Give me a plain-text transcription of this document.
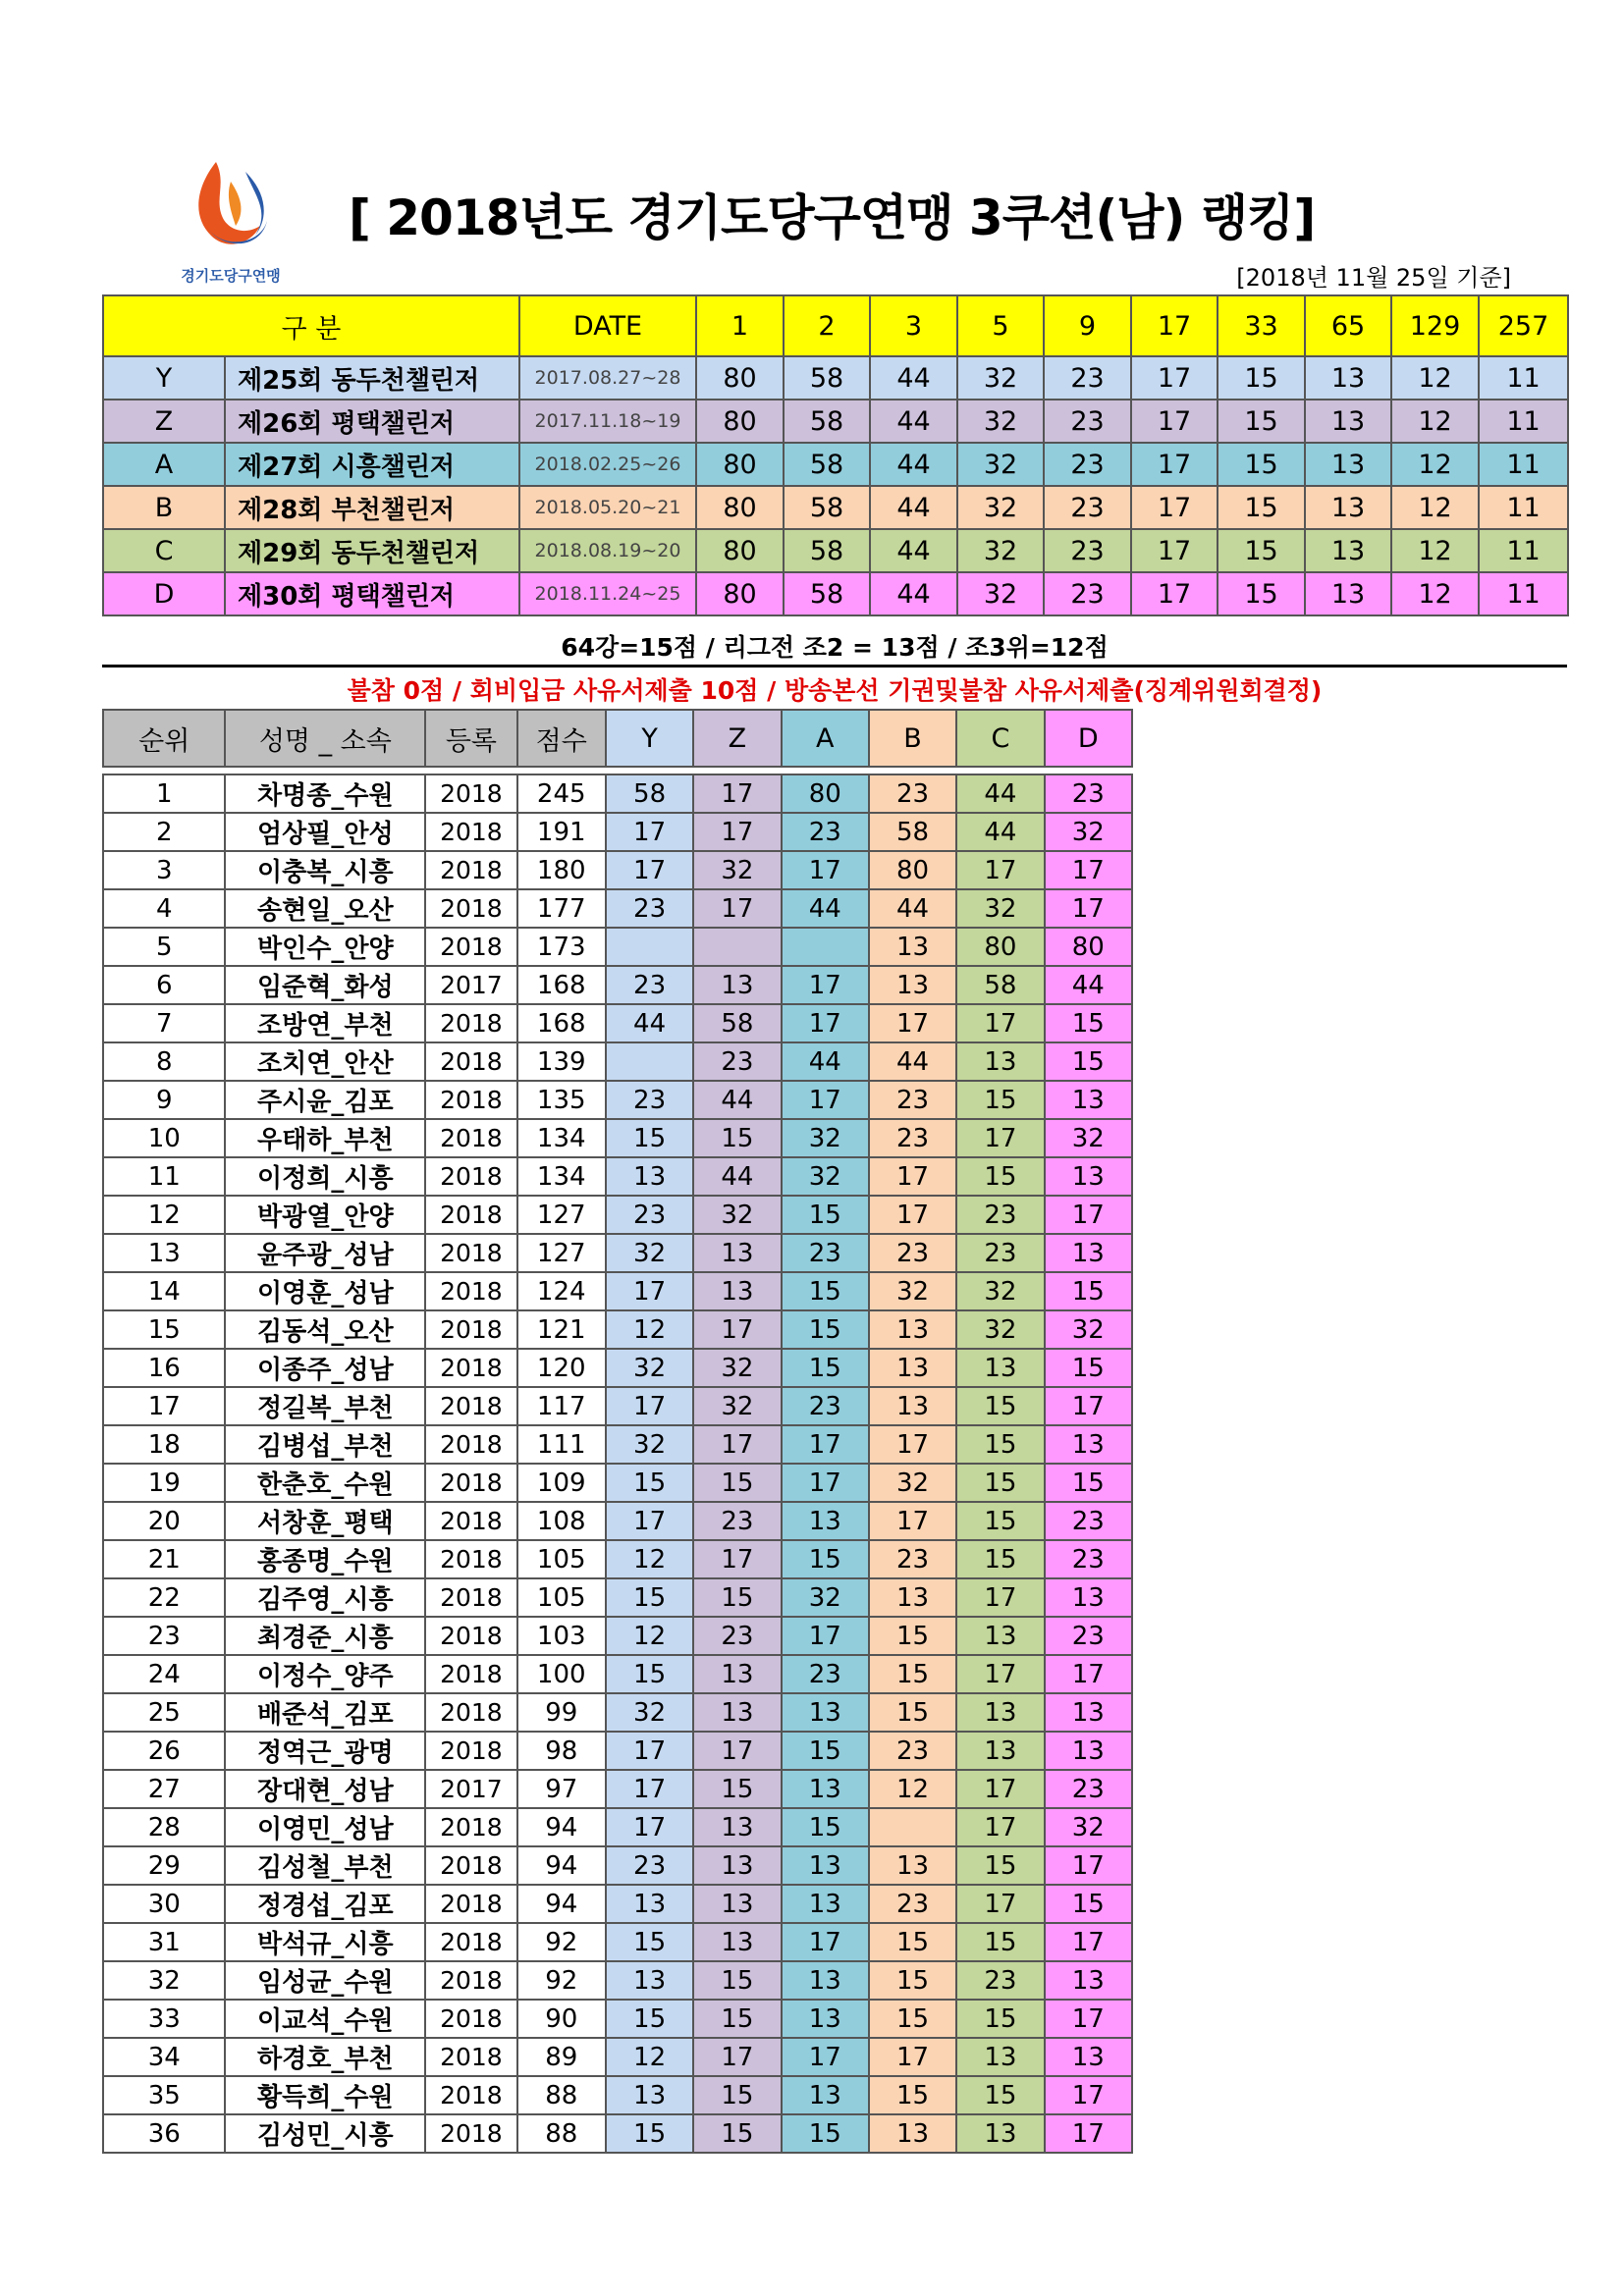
경기도당구연맹
[ 2018년도 경기도당구연맹 3쿠션(남) 랭킹]
[2018년 11월 25일 기준]
구 분		DATE	1	2	3	5	9	17	33	65	129	257
Y	제25회 동두천챌린저	2017.08.27~28	80	58	44	32	23	17	15	13	12	11
Z	제26회 평택챌린저	2017.11.18~19	80	58	44	32	23	17	15	13	12	11
A	제27회 시흥챌린저	2018.02.25~26	80	58	44	32	23	17	15	13	12	11
B	제28회 부천챌린저	2018.05.20~21	80	58	44	32	23	17	15	13	12	11
C	제29회 동두천챌린저	2018.08.19~20	80	58	44	32	23	17	15	13	12	11
D	제30회 평택챌린저	2018.11.24~25	80	58	44	32	23	17	15	13	12	11
64강=15점 / 리그전 조2 = 13점 / 조3위=12점
불참 0점 / 회비입금 사유서제출 10점 / 방송본선 기권및불참 사유서제출(징계위원회결정)
순위	성명 _ 소속	등록	점수	Y	Z	A	B	C	D

1	차명종_수원	2018	245	58	17	80	23	44	23
2	엄상필_안성	2018	191	17	17	23	58	44	32
3	이충복_시흥	2018	180	17	32	17	80	17	17
4	송현일_오산	2018	177	23	17	44	44	32	17
5	박인수_안양	2018	173				13	80	80
6	임준혁_화성	2017	168	23	13	17	13	58	44
7	조방연_부천	2018	168	44	58	17	17	17	15
8	조치연_안산	2018	139		23	44	44	13	15
9	주시윤_김포	2018	135	23	44	17	23	15	13
10	우태하_부천	2018	134	15	15	32	23	17	32
11	이정희_시흥	2018	134	13	44	32	17	15	13
12	박광열_안양	2018	127	23	32	15	17	23	17
13	윤주광_성남	2018	127	32	13	23	23	23	13
14	이영훈_성남	2018	124	17	13	15	32	32	15
15	김동석_오산	2018	121	12	17	15	13	32	32
16	이종주_성남	2018	120	32	32	15	13	13	15
17	정길복_부천	2018	117	17	32	23	13	15	17
18	김병섭_부천	2018	111	32	17	17	17	15	13
19	한춘호_수원	2018	109	15	15	17	32	15	15
20	서창훈_평택	2018	108	17	23	13	17	15	23
21	홍종명_수원	2018	105	12	17	15	23	15	23
22	김주영_시흥	2018	105	15	15	32	13	17	13
23	최경준_시흥	2018	103	12	23	17	15	13	23
24	이정수_양주	2018	100	15	13	23	15	17	17
25	배준석_김포	2018	99	32	13	13	15	13	13
26	정역근_광명	2018	98	17	17	15	23	13	13
27	장대현_성남	2017	97	17	15	13	12	17	23
28	이영민_성남	2018	94	17	13	15		17	32
29	김성철_부천	2018	94	23	13	13	13	15	17
30	정경섭_김포	2018	94	13	13	13	23	17	15
31	박석규_시흥	2018	92	15	13	17	15	15	17
32	임성균_수원	2018	92	13	15	13	15	23	13
33	이교석_수원	2018	90	15	15	13	15	15	17
34	하경호_부천	2018	89	12	17	17	17	13	13
35	황득희_수원	2018	88	13	15	13	15	15	17
36	김성민_시흥	2018	88	15	15	15	13	13	17
